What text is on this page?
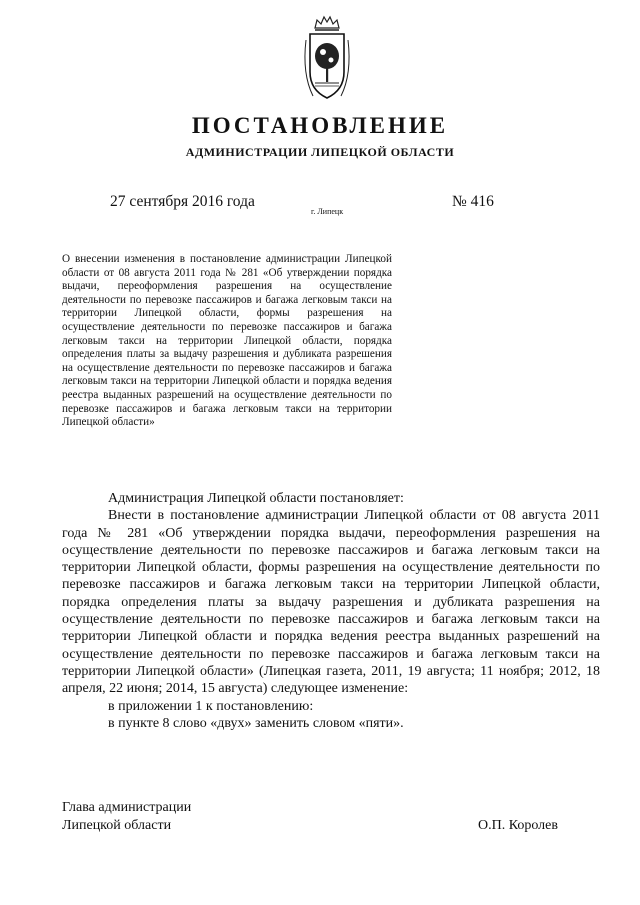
ПОСТАНОВЛЕНИЕ
АДМИНИСТРАЦИИ ЛИПЕЦКОЙ ОБЛАСТИ
27 сентября 2016 года
г. Липецк
№ 416
О внесении изменения в постановление администрации Липецкой области от 08 августа 2011 года № 281 «Об утверждении порядка выдачи, переоформления разрешения на осуществление деятельности по перевозке пассажиров и багажа легковым такси на территории Липецкой области, формы разрешения на осуществление деятельности по перевозке пассажиров и багажа легковым такси на территории Липецкой области, порядка определения платы за выдачу разрешения и дубликата разрешения на осуществление деятельности по перевозке пассажиров и багажа легковым такси на территории Липецкой области и порядка ведения реестра выданных разрешений на осуществление деятельности по перевозке пассажиров и багажа легковым такси на территории Липецкой области»

Администрация Липецкой области постановляет:

Внести в постановление администрации Липецкой области от 08 августа 2011 года № 281 «Об утверждении порядка выдачи, переоформления разрешения на осуществление деятельности по перевозке пассажиров и багажа легковым такси на территории Липецкой области, формы разрешения на осуществление деятельности по перевозке пассажиров и багажа легковым такси на территории Липецкой области, порядка определения платы за выдачу разрешения и дубликата разрешения на осуществление деятельности по перевозке пассажиров и багажа легковым такси на территории Липецкой области и порядка ведения реестра выданных разрешений на осуществление деятельности по перевозке пассажиров и багажа легковым такси на территории Липецкой области» (Липецкая газета, 2011, 19 августа; 11 ноября; 2012, 18 апреля, 22 июня; 2014, 15 августа) следующее изменение:

в приложении 1 к постановлению:

в пункте 8 слово «двух» заменить словом «пяти».

Глава администрации
Липецкой области	О.П. Королев
